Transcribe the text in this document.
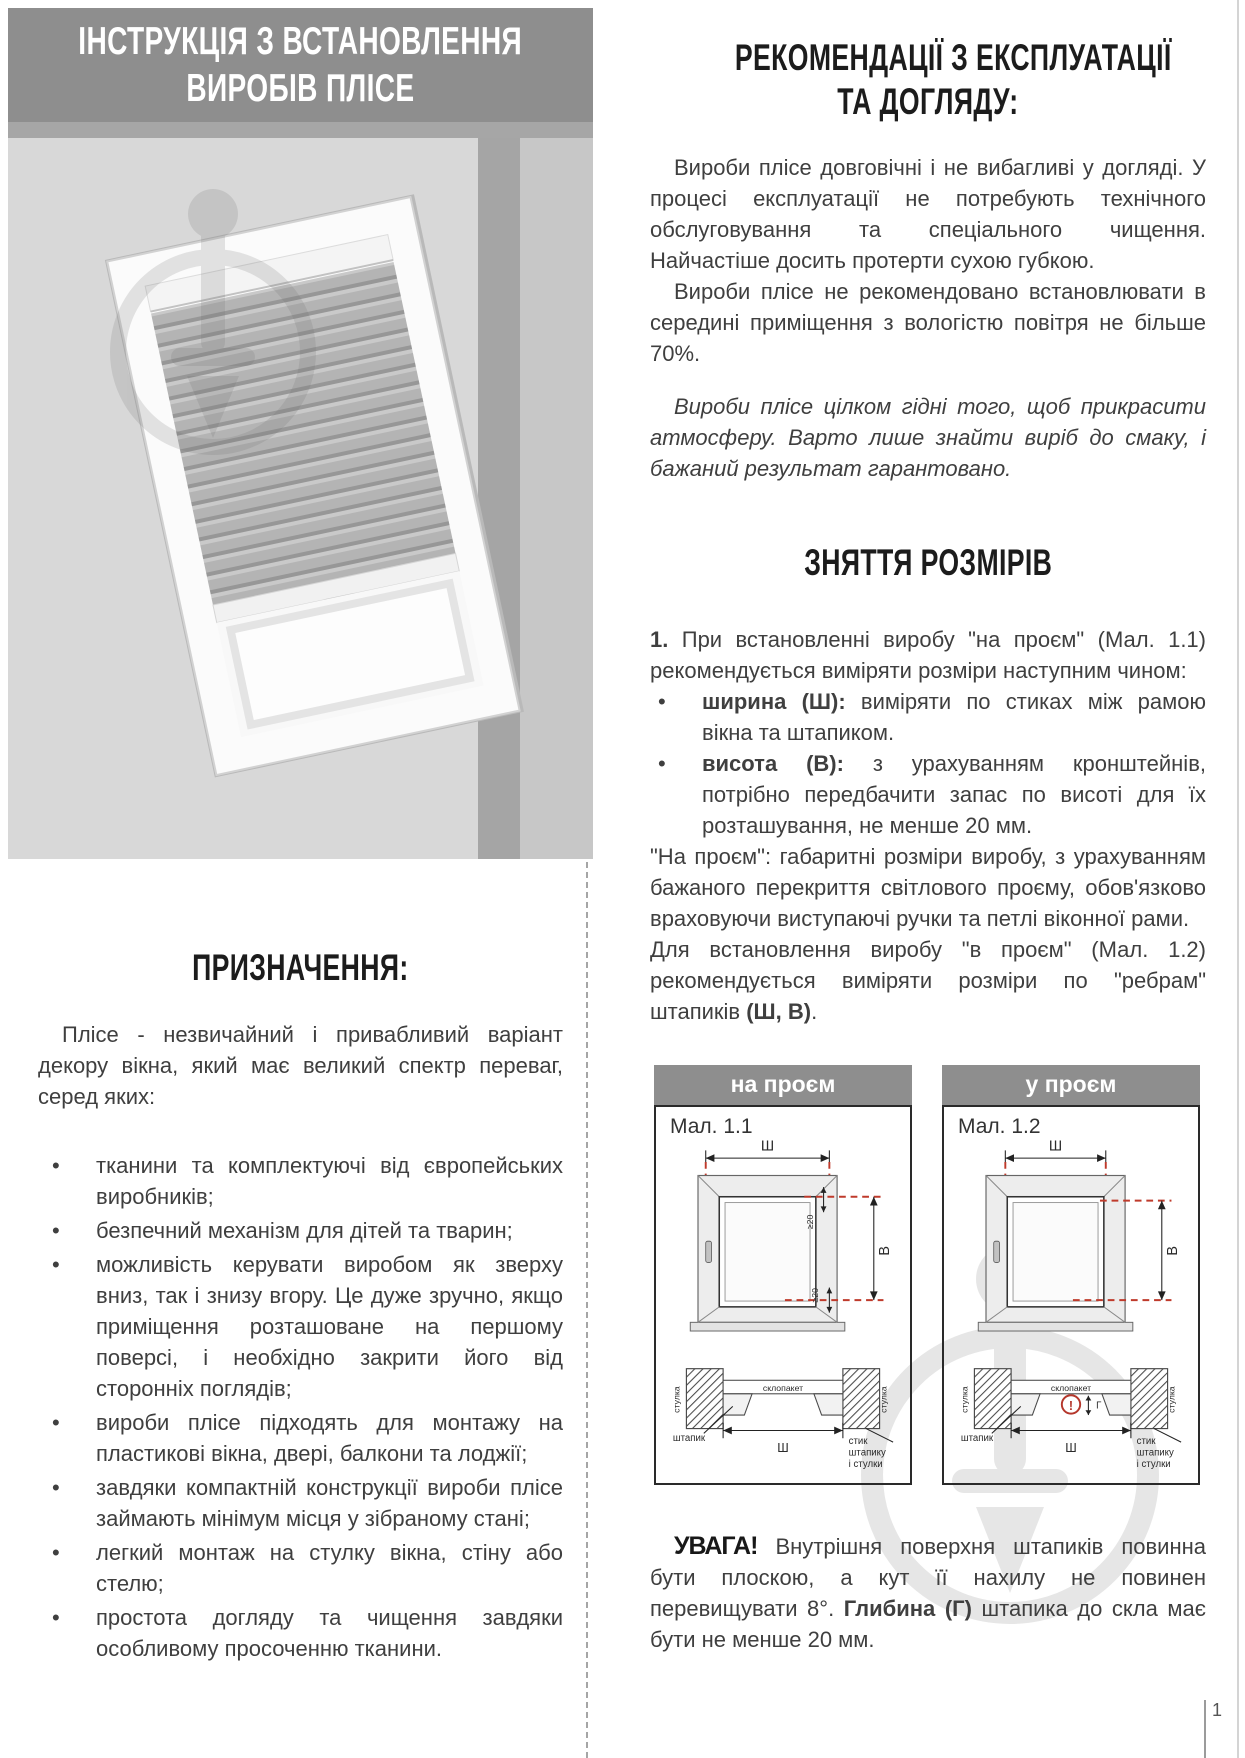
ІНСТРУКЦІЯ З ВСТАНОВЛЕННЯ
ВИРОБІВ ПЛІСЕ
ПРИЗНАЧЕННЯ:

Плісе - незвичайний і привабливий варіант декору вікна, який має великий спектр переваг, серед яких:

• тканини та комплектуючі від європейських виробників;
• безпечний механізм для дітей та тварин;
• можливість керувати виробом як зверху вниз, так і знизу вгору. Це дуже зручно, якщо приміщення розташоване на першому поверсі, і необхідно закрити його від сторонніх поглядів;
• вироби плісе підходять для монтажу на пластикові вікна, двері, балкони та лоджії;
• завдяки компактній конструкції вироби плісе займають мінімум місця у зібраному стані;
• легкий монтаж на стулку вікна, стіну або стелю;
• простота догляду та чищення завдяки особливому просоченню тканини.
РЕКОМЕНДАЦІЇ З ЕКСПЛУАТАЦІЇ
ТА ДОГЛЯДУ:

Вироби плісе довговічні і не вибагливі у догляді. У процесі експлуатації не потребують технічного обслуговування та спеціального чищення. Найчастіше досить протерти сухою губкою.

Вироби плісе не рекомендовано встановлювати в середині приміщення з вологістю повітря не більше 70%.

Вироби плісе цілком гідні того, щоб прикрасити атмосферу. Варто лише знайти виріб до смаку, і бажаний результат гарантовано.

ЗНЯТТЯ РОЗМІРІВ

1. При встановленні виробу "на проєм" (Мал. 1.1) рекомендується виміряти розміри наступним чином:

• ширина (Ш): виміряти по стиках між рамою вікна та штапиком.
• висота (В): з урахуванням кронштейнів, потрібно передбачити запас по висоті для їх розташування, не менше 20 мм.

"На проєм": габаритні розміри виробу, з урахуванням бажаного перекриття світлового проєму, обов'язково враховуючи виступаючі ручки та петлі віконної рами.

Для встановлення виробу "в проєм" (Мал. 1.2) рекомендується виміряти розміри по "ребрам" штапиків (Ш, В).

на проєм
Мал. 1.1
Ш
В
≥20
≥20
стулка	стулка
склопакет
Ш
штапик	стик
штапику
і стулки
у проєм
Мал. 1.2
Ш
В
стулка	стулка
склопакет
! Г
Ш
штапик	стик
штапику
і стулки

УВАГА! Внутрішня поверхня штапиків повинна бути плоскою, а кут її нахилу не повинен перевищувати 8°. Глибина (Г) штапика до скла має бути не менше 20 мм.

1
